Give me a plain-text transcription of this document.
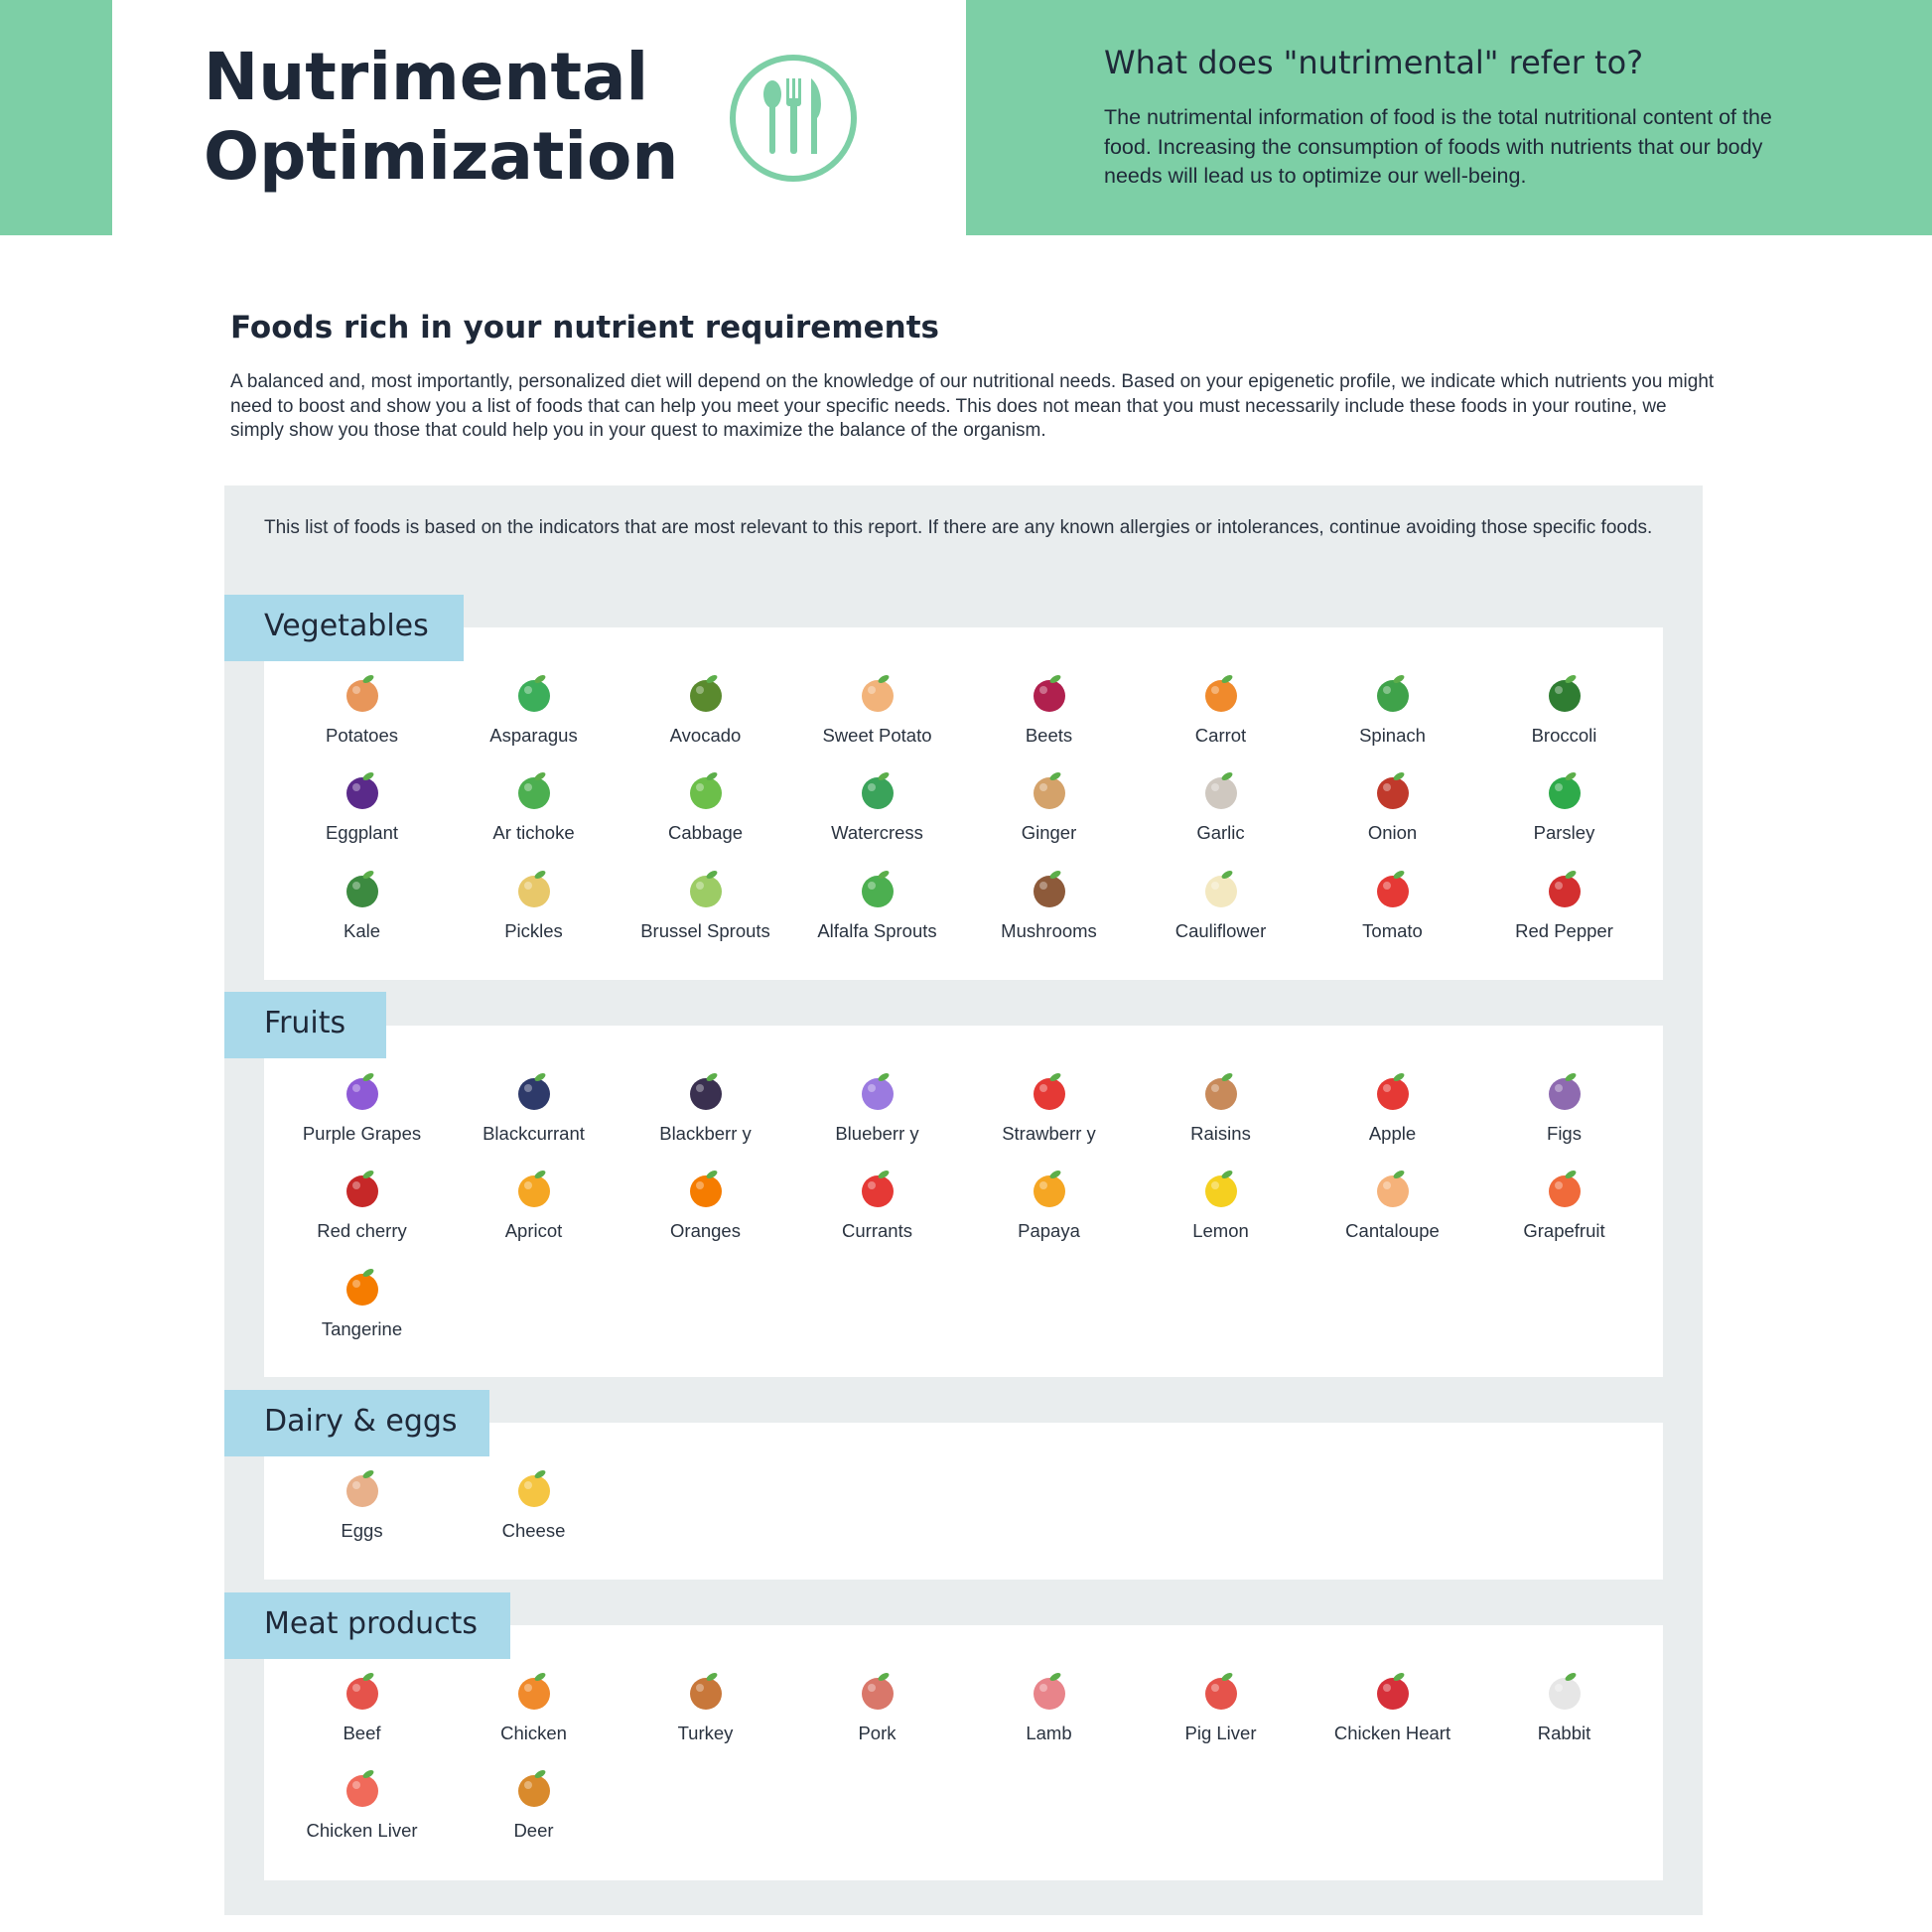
Nutrimental
Optimization
What does "nutrimental" refer to?

The nutrimental information of food is the total nutritional content of the food. Increasing the consumption of foods with nutrients that our body needs will lead us to optimize our well-being.

Foods rich in your nutrient requirements

A balanced and, most importantly, personalized diet will depend on the knowledge of our nutritional needs. Based on your epigenetic profile, we indicate which nutrients you might need to boost and show you a list of foods that can help you meet your specific needs. This does not mean that you must necessarily include these foods in your routine, we simply show you those that could help you in your quest to maximize the balance of the organism.

This list of foods is based on the indicators that are most relevant to this report. If there are any known allergies or intolerances, continue avoiding those specific foods.

Vegetables
Potatoes	Asparagus	Avocado	Sweet Potato	Beets	Carrot	Spinach	Broccoli
Eggplant	Ar tichoke	Cabbage	Watercress	Ginger	Garlic	Onion	Parsley
Kale	Pickles	Brussel Sprouts	Alfalfa Sprouts	Mushrooms	Cauliflower	Tomato	Red Pepper
Fruits
Purple Grapes	Blackcurrant	Blackberr y	Blueberr y	Strawberr y	Raisins	Apple	Figs
Red cherry	Apricot	Oranges	Currants	Papaya	Lemon	Cantaloupe	Grapefruit
Tangerine
Dairy & eggs
Eggs	Cheese
Meat products
Beef	Chicken	Turkey	Pork	Lamb	Pig Liver	Chicken Heart	Rabbit
Chicken Liver	Deer
